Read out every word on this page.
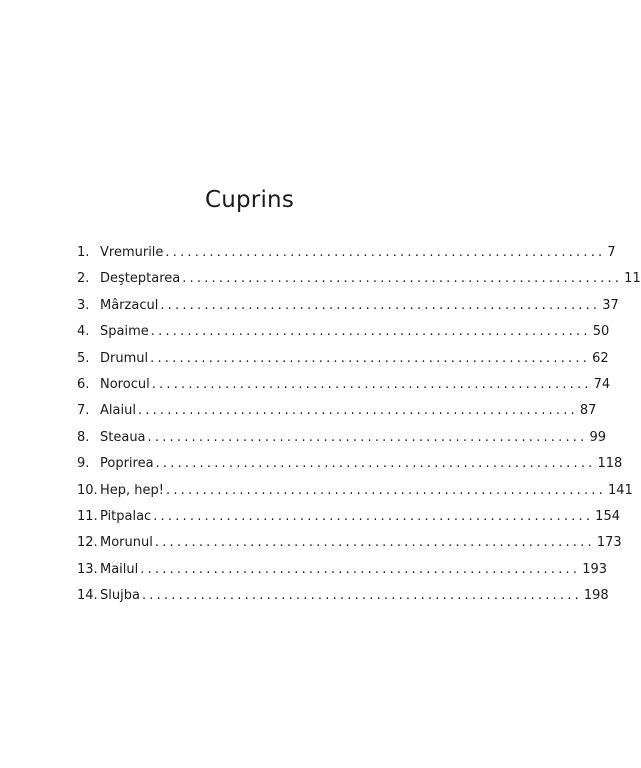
Cuprins
1. Vremurile ............................................................ 7
2. Deşteptarea ............................................................ 11
3. Mârzacul ............................................................ 37
4. Spaime ............................................................ 50
5. Drumul ............................................................ 62
6. Norocul ............................................................ 74
7. Alaiul ............................................................ 87
8. Steaua ............................................................ 99
9. Poprirea ............................................................ 118
10. Hep, hep! ............................................................ 141
11. Pitpalac ............................................................ 154
12. Morunul ............................................................ 173
13. Mailul ............................................................ 193
14. Slujba ............................................................ 198
